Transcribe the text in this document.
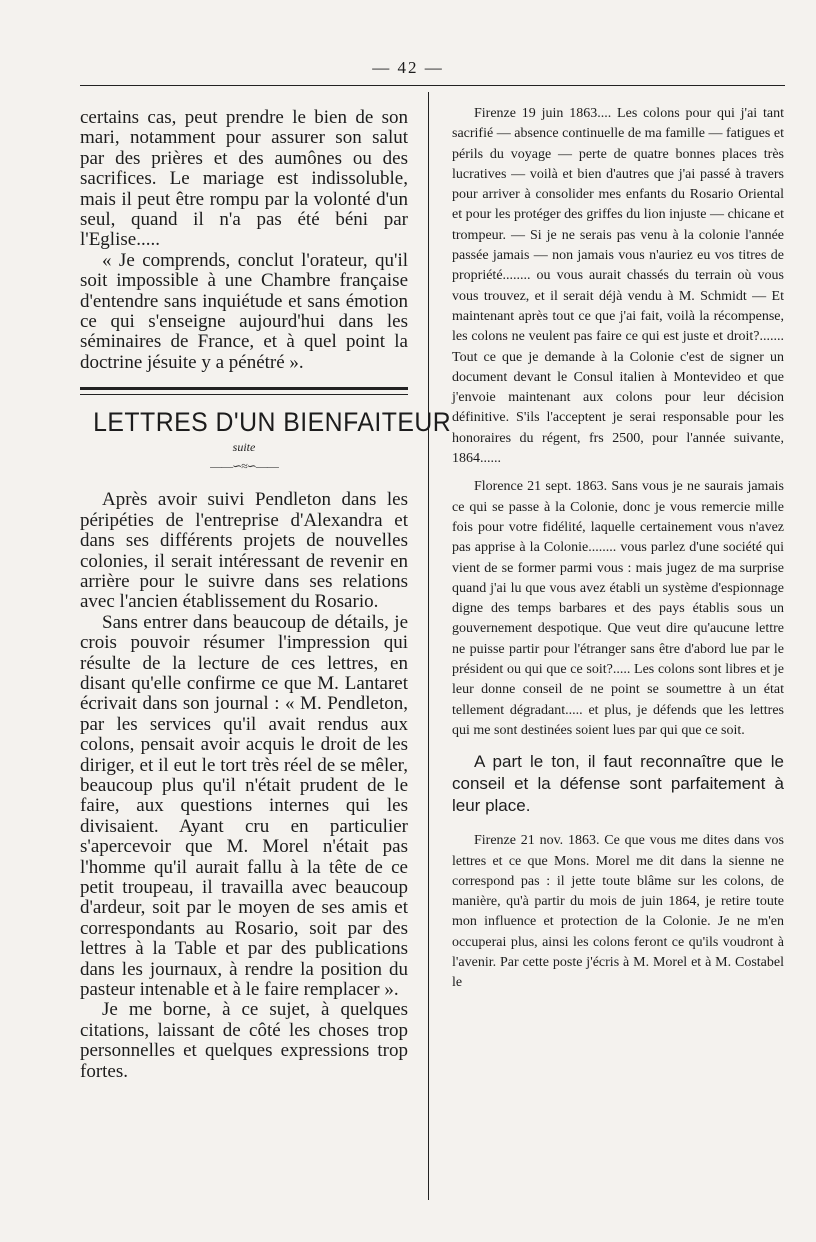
— 42 —

certains cas, peut prendre le bien de son mari, notamment pour assurer son salut par des prières et des aumônes ou des sacrifices. Le mariage est indissoluble, mais il peut être rompu par la volonté d'un seul, quand il n'a pas été béni par l'Eglise.....

« Je comprends, conclut l'orateur, qu'il soit impossible à une Chambre française d'entendre sans inquiétude et sans émotion ce qui s'enseigne aujourd'hui dans les séminaires de France, et à quel point la doctrine jésuite y a pénétré ».

LETTRES D'UN BIENFAITEUR
suite
——∽≈∽——

Après avoir suivi Pendleton dans les péripéties de l'entreprise d'Alexandra et dans ses différents projets de nouvelles colonies, il serait intéressant de revenir en arrière pour le suivre dans ses relations avec l'ancien établissement du Rosario.

Sans entrer dans beaucoup de détails, je crois pouvoir résumer l'impression qui résulte de la lecture de ces lettres, en disant qu'elle confirme ce que M. Lantaret écrivait dans son journal : « M. Pendleton, par les services qu'il avait rendus aux colons, pensait avoir acquis le droit de les diriger, et il eut le tort très réel de se mêler, beaucoup plus qu'il n'était prudent de le faire, aux questions internes qui les divisaient. Ayant cru en particulier s'apercevoir que M. Morel n'était pas l'homme qu'il aurait fallu à la tête de ce petit troupeau, il travailla avec beaucoup d'ardeur, soit par le moyen de ses amis et correspondants au Rosario, soit par des lettres à la Table et par des publications dans les journaux, à rendre la position du pasteur intenable et à le faire remplacer ».

Je me borne, à ce sujet, à quelques citations, laissant de côté les choses trop personnelles et quelques expressions trop fortes.

Firenze 19 juin 1863.... Les colons pour qui j'ai tant sacrifié — absence continuelle de ma famille — fatigues et périls du voyage — perte de quatre bonnes places très lucratives — voilà et bien d'autres que j'ai passé à travers pour arriver à consolider mes enfants du Rosario Oriental et pour les protéger des griffes du lion injuste — chicane et trompeur. — Si je ne serais pas venu à la colonie l'année passée jamais — non jamais vous n'auriez eu vos titres de propriété........ ou vous aurait chassés du terrain où vous vous trouvez, et il serait déjà vendu à M. Schmidt — Et maintenant après tout ce que j'ai fait, voilà la récompense, les colons ne veulent pas faire ce qui est juste et droit?....... Tout ce que je demande à la Colonie c'est de signer un document devant le Consul italien à Montevideo et que j'envoie maintenant aux colons pour leur décision définitive. S'ils l'acceptent je serai responsable pour les honoraires du régent, frs 2500, pour l'année suivante, 1864......

Florence 21 sept. 1863. Sans vous je ne saurais jamais ce qui se passe à la Colonie, donc je vous remercie mille fois pour votre fidélité, laquelle certainement vous n'avez pas apprise à la Colonie........ vous parlez d'une société qui vient de se former parmi vous : mais jugez de ma surprise quand j'ai lu que vous avez établi un système d'espionnage digne des temps barbares et des pays établis sous un gouvernement despotique. Que veut dire qu'aucune lettre ne puisse partir pour l'étranger sans être d'abord lue par le président ou qui que ce soit?..... Les colons sont libres et je leur donne conseil de ne point se soumettre à un état tellement dégradant..... et plus, je défends que les lettres qui me sont destinées soient lues par qui que ce soit.

A part le ton, il faut reconnaître que le conseil et la défense sont parfaitement à leur place.

Firenze 21 nov. 1863. Ce que vous me dites dans vos lettres et ce que Mons. Morel me dit dans la sienne ne correspond pas : il jette toute blâme sur les colons, de manière, qu'à partir du mois de juin 1864, je retire toute mon influence et protection de la Colonie. Je ne m'en occuperai plus, ainsi les colons feront ce qu'ils voudront à l'avenir. Par cette poste j'écris à M. Morel et à M. Costabel le
